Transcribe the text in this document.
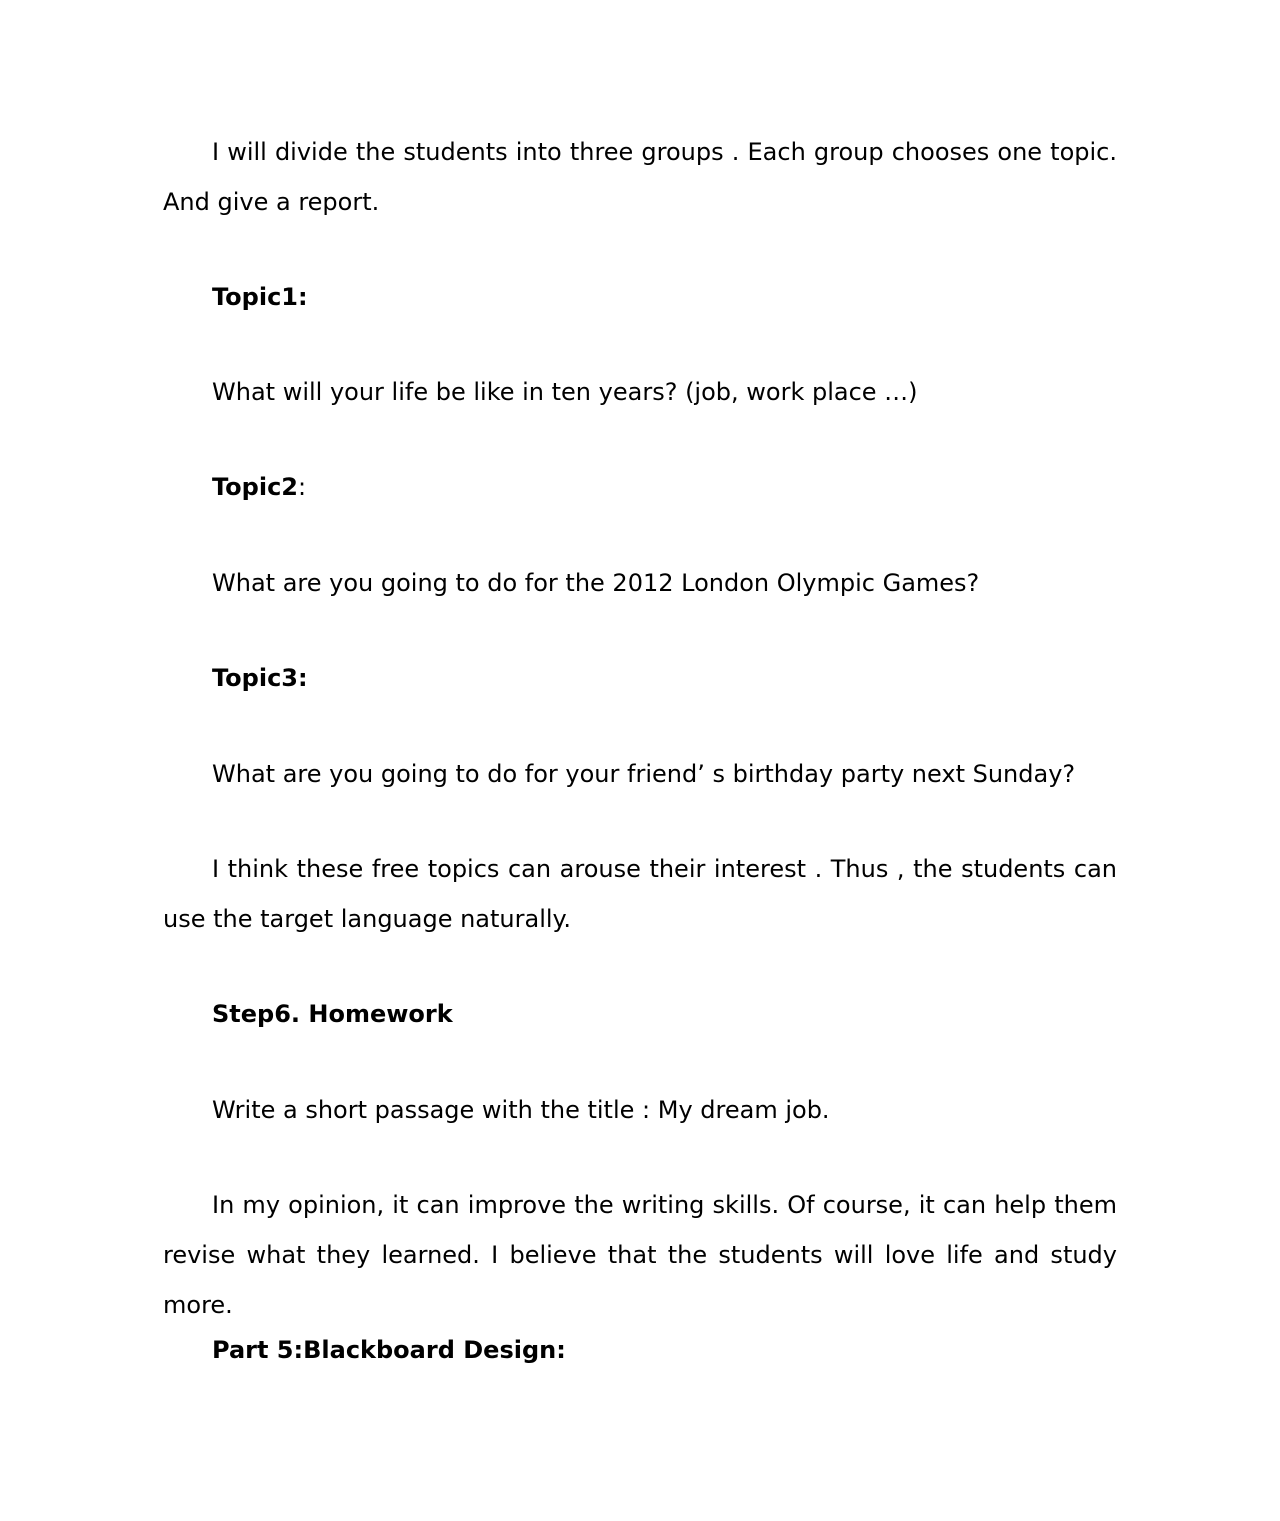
I will divide the students into three groups . Each group chooses one topic. And give a report.

Topic1:

What will your life be like in ten years? (job, work place …)

Topic2:

What are you going to do for the 2012 London Olympic Games?

Topic3:

What are you going to do for your friend’ s birthday party next Sunday?

I think these free topics can arouse their interest . Thus , the students can use the target language naturally.

Step6. Homework

Write a short passage with the title : My dream job.

In my opinion, it can improve the writing skills. Of course, it can help them revise what they learned. I believe that the students will love life and study more.

Part 5:Blackboard Design:
